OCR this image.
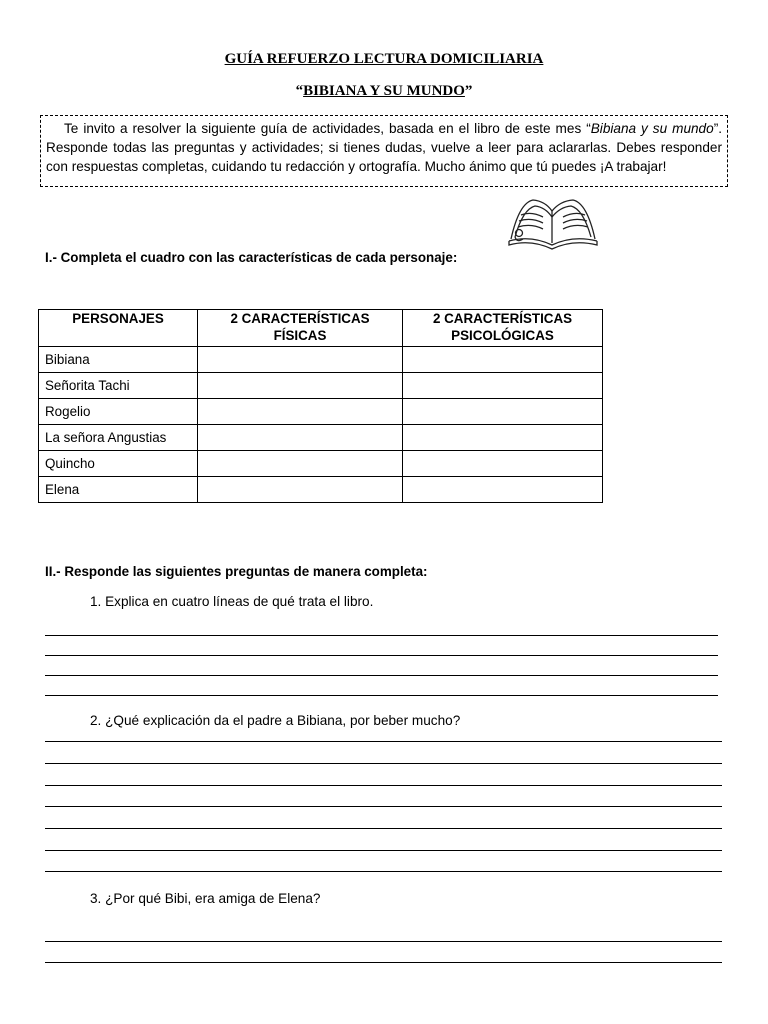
GUÍA REFUERZO LECTURA DOMICILIARIA
“BIBIANA Y SU MUNDO”

Te invito a resolver la siguiente guía de actividades, basada en el libro de este mes “Bibiana y su mundo”. Responde todas las preguntas y actividades; si tienes dudas, vuelve a leer para aclararlas. Debes responder con respuestas completas, cuidando tu redacción y ortografía. Mucho ánimo que tú puedes ¡A trabajar!

I.- Completa el cuadro con las características de cada personaje:
PERSONAJES	2 CARACTERÍSTICAS FÍSICAS	2 CARACTERÍSTICAS PSICOLÓGICAS
Bibiana		
Señorita Tachi		
Rogelio		
La señora Angustias		
Quincho		
Elena		
II.- Responde las siguientes preguntas de manera completa:
1. Explica en cuatro líneas de qué trata el libro.
2. ¿Qué explicación da el padre a Bibiana, por beber mucho?
3. ¿Por qué Bibi, era amiga de Elena?
